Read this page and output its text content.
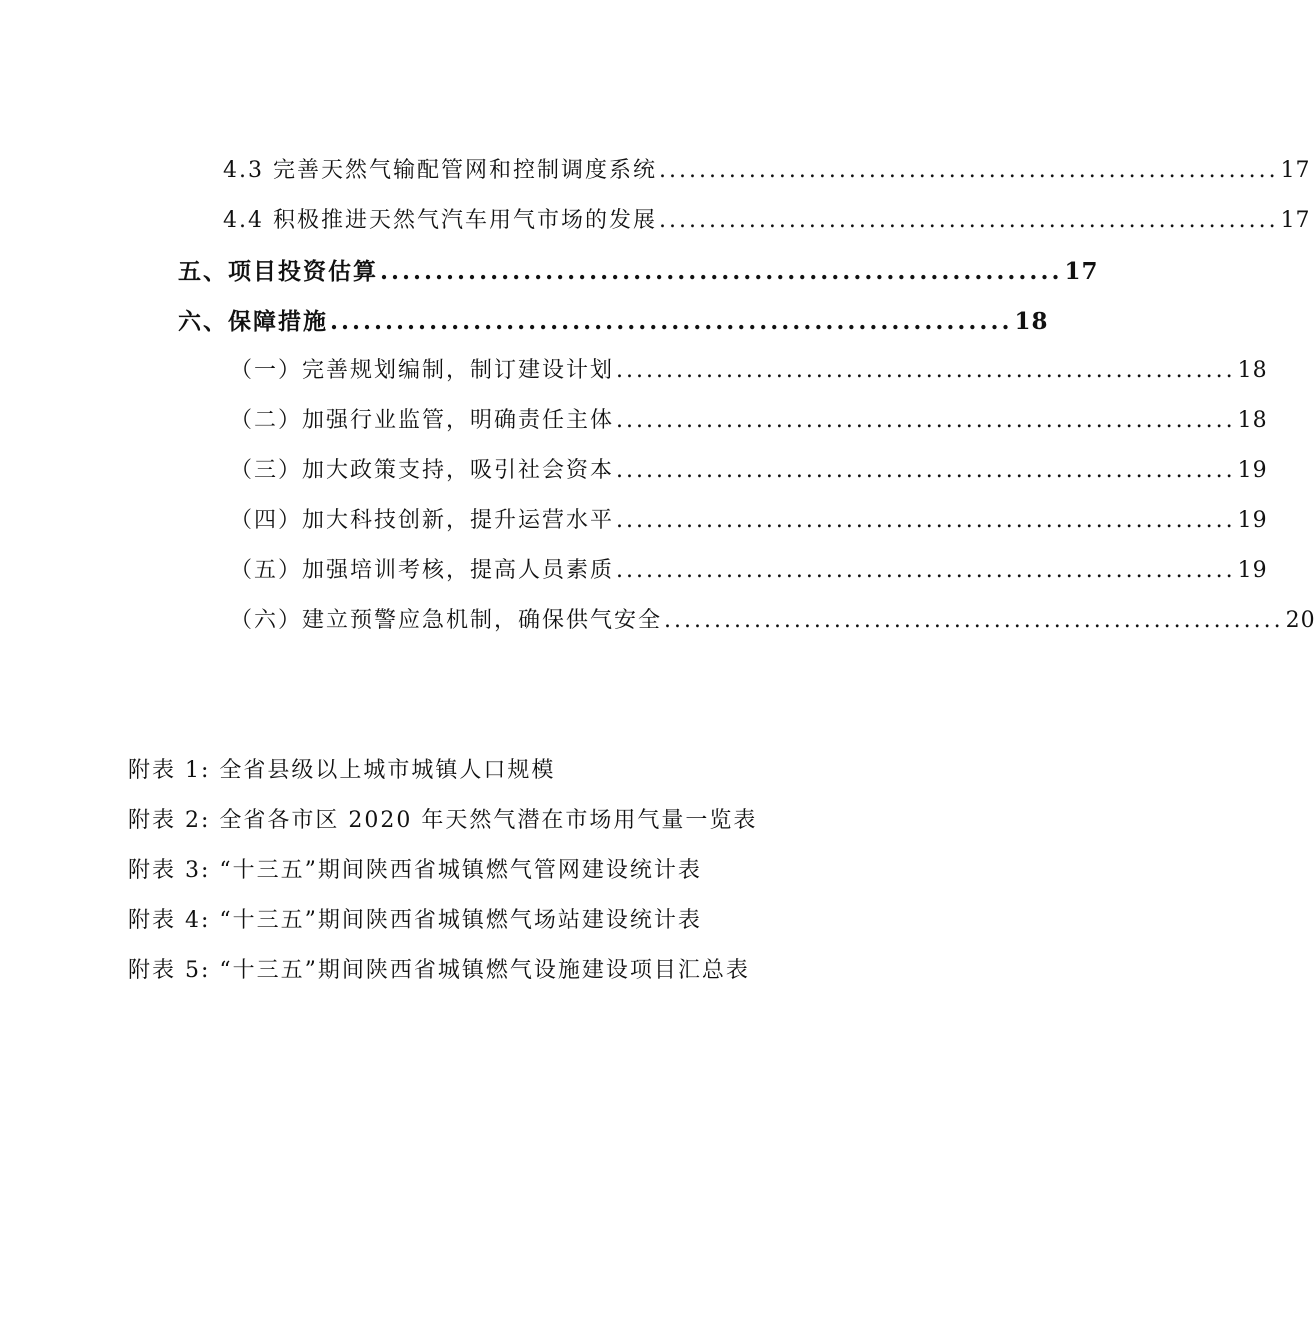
4.3 完善天然气输配管网和控制调度系统 .............................................................. 17
4.4 积极推进天然气汽车用气市场的发展 .............................................................. 17
五、项目投资估算 .............................................................. 17
六、保障措施 .............................................................. 18
（一）完善规划编制，制订建设计划 .............................................................. 18
（二）加强行业监管，明确责任主体 .............................................................. 18
（三）加大政策支持，吸引社会资本 .............................................................. 19
（四）加大科技创新，提升运营水平 .............................................................. 19
（五）加强培训考核，提高人员素质 .............................................................. 19
（六）建立预警应急机制，确保供气安全 .............................................................. 20
附表 1: 全省县级以上城市城镇人口规模
附表 2: 全省各市区 2020 年天然气潜在市场用气量一览表
附表 3: “十三五”期间陕西省城镇燃气管网建设统计表
附表 4: “十三五”期间陕西省城镇燃气场站建设统计表
附表 5: “十三五”期间陕西省城镇燃气设施建设项目汇总表
